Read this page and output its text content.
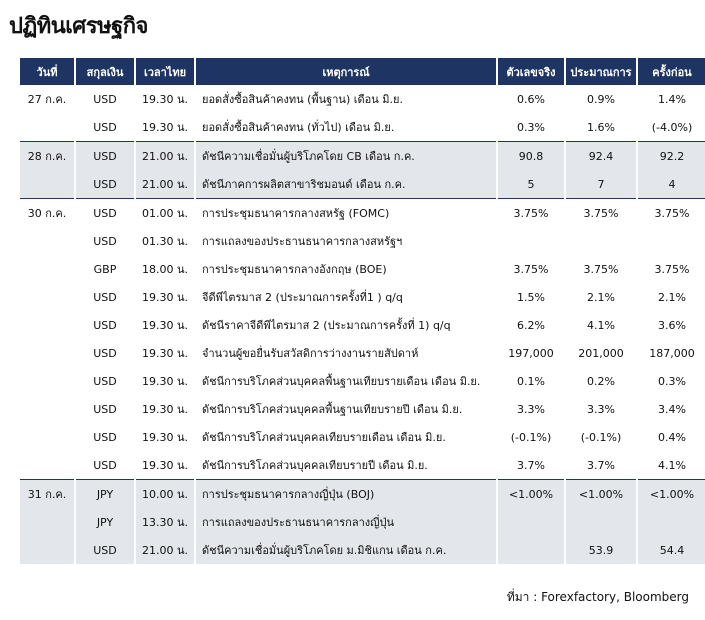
ปฏิทินเศรษฐกิจ
วันที่	สกุลเงิน	เวลาไทย	เหตุการณ์	ตัวเลขจริง	ประมาณการ	ครั้งก่อน
27 ก.ค.	USD	19.30 น.	ยอดสั่งซื้อสินค้าคงทน (พื้นฐาน) เดือน มิ.ย.	0.6%	0.9%	1.4%
	USD	19.30 น.	ยอดสั่งซื้อสินค้าคงทน (ทั่วไป) เดือน มิ.ย.	0.3%	1.6%	(-4.0%)
28 ก.ค.	USD	21.00 น.	ดัชนีความเชื่อมั่นผู้บริโภคโดย CB เดือน ก.ค.	90.8	92.4	92.2
	USD	21.00 น.	ดัชนีภาคการผลิตสาขาริชมอนด์ เดือน ก.ค.	5	7	4
30 ก.ค.	USD	01.00 น.	การประชุมธนาคารกลางสหรัฐ (FOMC)	3.75%	3.75%	3.75%
	USD	01.30 น.	การแถลงของประธานธนาคารกลางสหรัฐฯ			
	GBP	18.00 น.	การประชุมธนาคารกลางอังกฤษ (BOE)	3.75%	3.75%	3.75%
	USD	19.30 น.	จีดีพีไตรมาส 2 (ประมาณการครั้งที่1 ) q/q	1.5%	2.1%	2.1%
	USD	19.30 น.	ดัชนีราคาจีดีพีไตรมาส 2 (ประมาณการครั้งที่ 1) q/q	6.2%	4.1%	3.6%
	USD	19.30 น.	จำนวนผู้ขอยื่นรับสวัสดิการว่างงานรายสัปดาห์	197,000	201,000	187,000
	USD	19.30 น.	ดัชนีการบริโภคส่วนบุคคลพื้นฐานเทียบรายเดือน เดือน มิ.ย.	0.1%	0.2%	0.3%
	USD	19.30 น.	ดัชนีการบริโภคส่วนบุคคลพื้นฐานเทียบรายปี เดือน มิ.ย.	3.3%	3.3%	3.4%
	USD	19.30 น.	ดัชนีการบริโภคส่วนบุคคลเทียบรายเดือน เดือน มิ.ย.	(-0.1%)	(-0.1%)	0.4%
	USD	19.30 น.	ดัชนีการบริโภคส่วนบุคคลเทียบรายปี เดือน มิ.ย.	3.7%	3.7%	4.1%
31 ก.ค.	JPY	10.00 น.	การประชุมธนาคารกลางญี่ปุ่น (BOJ)	<1.00%	<1.00%	<1.00%
	JPY	13.30 น.	การแถลงของประธานธนาคารกลางญี่ปุ่น			
	USD	21.00 น.	ดัชนีความเชื่อมั่นผู้บริโภคโดย ม.มิชิแกน เดือน ก.ค.		53.9	54.4
ที่มา : Forexfactory, Bloomberg
